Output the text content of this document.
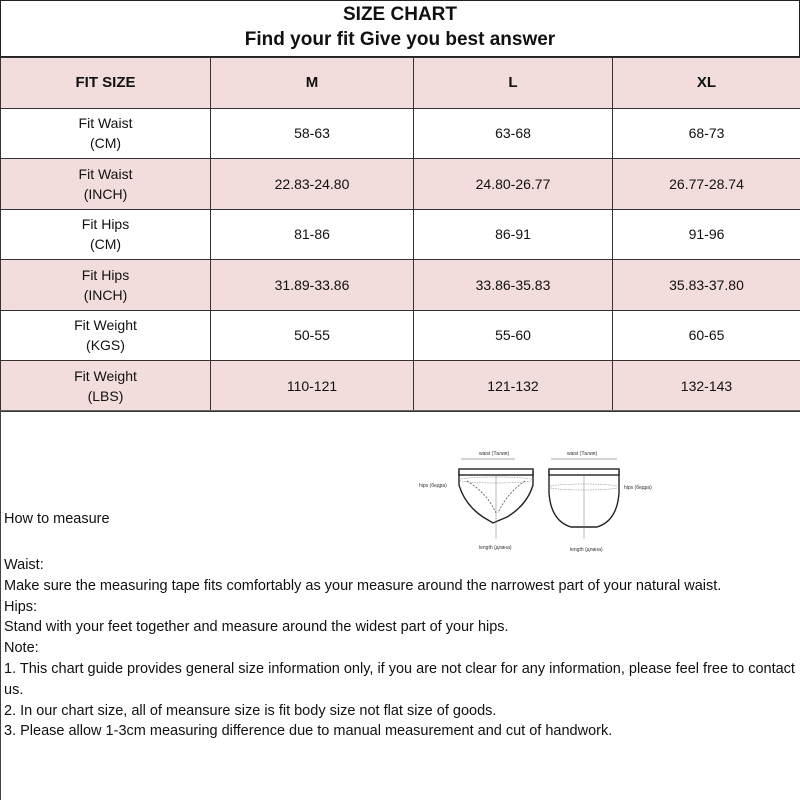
SIZE CHART
Find your fit Give you best answer
FIT SIZE	M	L	XL
Fit Waist
(CM)	58-63	63-68	68-73
Fit Waist
(INCH)	22.83-24.80	24.80-26.77	26.77-28.74
Fit Hips
(CM)	81-86	86-91	91-96
Fit Hips
(INCH)	31.89-33.86	33.86-35.83	35.83-37.80
Fit Weight
(KGS)	50-55	55-60	60-65
Fit Weight
(LBS)	110-121	121-132	132-143
waist (Талия)
hips (бедра)
length (длина)
waist (Талия)
hips (бедра)
length (длина)
How to measure

Waist:

Make sure the measuring tape fits comfortably as your measure around the narrowest part of your natural waist.

Hips:

Stand with your feet together and measure around the widest part of your hips.

Note:

1. This chart guide provides general size information only, if you are not clear for any information, please feel free to contact us.

2. In our chart size, all of meansure size is fit body size not flat size of goods.

3. Please allow 1-3cm measuring difference due to manual measurement and cut of handwork.
